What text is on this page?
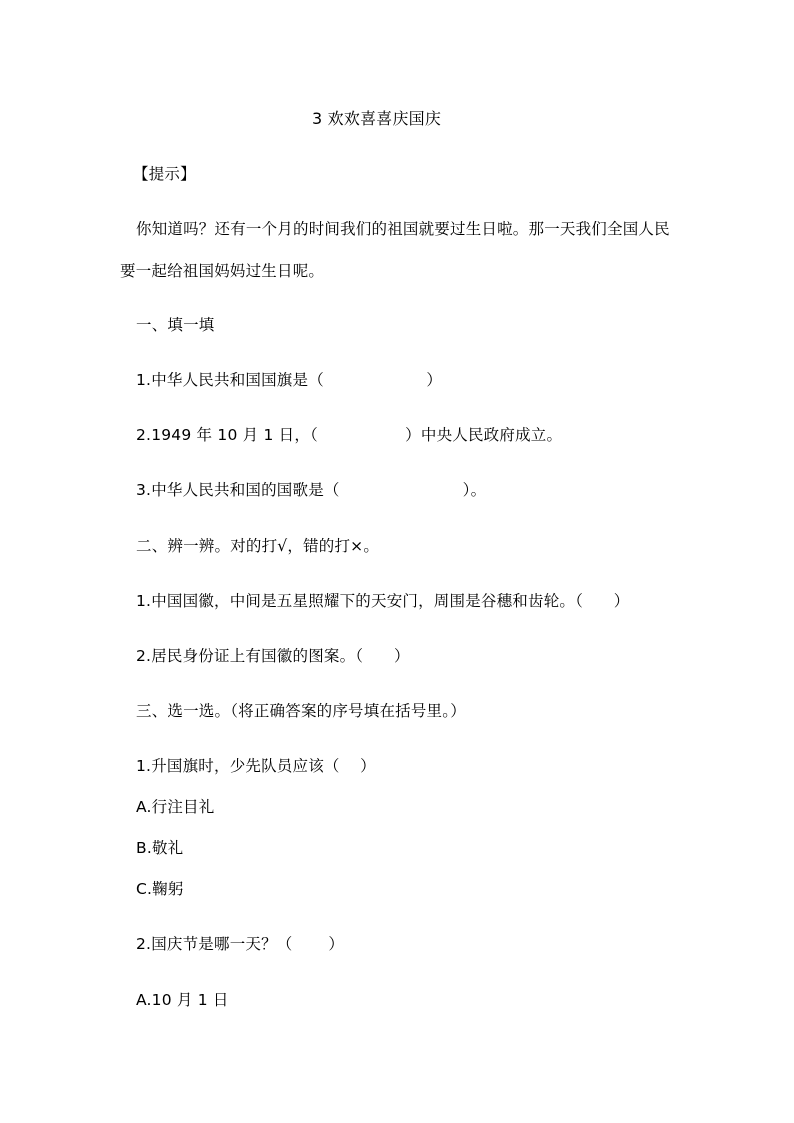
3 欢欢喜喜庆国庆
【提示】
你知道吗？还有一个月的时间我们的祖国就要过生日啦。那一天我们全国人民
要一起给祖国妈妈过生日呢。
一、填一填
1.中华人民共和国国旗是（                    ）
2.1949 年 10 月 1 日，（                 ）中央人民政府成立。
3.中华人民共和国的国歌是（                        ）。
二、辨一辨。对的打√，错的打×。
1.中国国徽，中间是五星照耀下的天安门，周围是谷穗和齿轮。（      ）
2.居民身份证上有国徽的图案。（      ）
三、选一选。（将正确答案的序号填在括号里。）
1.升国旗时，少先队员应该（    ）
A.行注目礼
B.敬礼
C.鞠躬
2.国庆节是哪一天？（       ）
A.10 月 1 日
